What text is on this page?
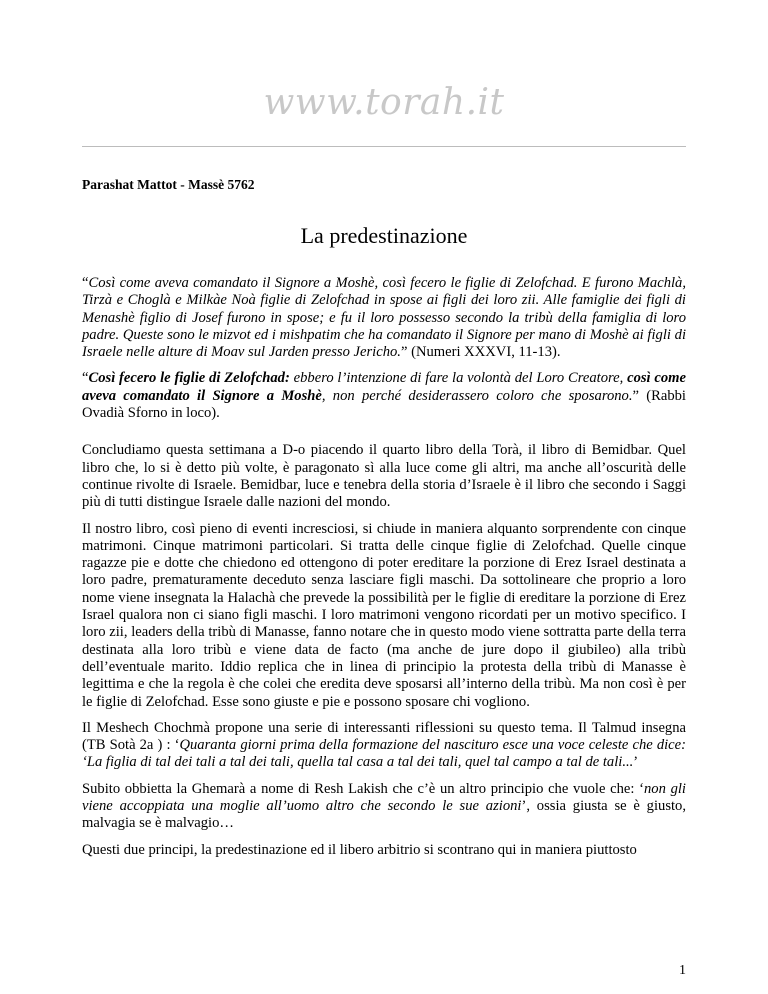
www.torah.it
Parashat Mattot - Massè 5762
La predestinazione

“Così come aveva comandato il Signore a Moshè, così fecero le figlie di Zelofchad. E furono Machlà, Tirzà e Choglà e Milkàe Noà figlie di Zelofchad in spose ai figli dei loro zii. Alle famiglie dei figli di Menashè figlio di Josef furono in spose; e fu il loro possesso secondo la tribù della famiglia di loro padre. Queste sono le mizvot ed i mishpatim che ha comandato il Signore per mano di Moshè ai figli di Israele nelle alture di Moav sul Jarden presso Jericho.” (Numeri XXXVI, 11-13).

“Così fecero le figlie di Zelofchad: ebbero l’intenzione di fare la volontà del Loro Creatore, così come aveva comandato il Signore a Moshè, non perché desiderassero coloro che sposarono.” (Rabbi Ovadià Sforno in loco).

Concludiamo questa settimana a D-o piacendo il quarto libro della Torà, il libro di Bemidbar. Quel libro che, lo si è detto più volte, è paragonato sì alla luce come gli altri, ma anche all’oscurità delle continue rivolte di Israele. Bemidbar, luce e tenebra della storia d’Israele è il libro che secondo i Saggi più di tutti distingue Israele dalle nazioni del mondo.

Il nostro libro, così pieno di eventi incresciosi, si chiude in maniera alquanto sorprendente con cinque matrimoni. Cinque matrimoni particolari. Si tratta delle cinque figlie di Zelofchad. Quelle cinque ragazze pie e dotte che chiedono ed ottengono di poter ereditare la porzione di Erez Israel destinata a loro padre, prematuramente deceduto senza lasciare figli maschi. Da sottolineare che proprio a loro nome viene insegnata la Halachà che prevede la possibilità per le figlie di ereditare la porzione di Erez Israel qualora non ci siano figli maschi. I loro matrimoni vengono ricordati per un motivo specifico. I loro zii, leaders della tribù di Manasse, fanno notare che in questo modo viene sottratta parte della terra destinata alla loro tribù e viene data de facto (ma anche de jure dopo il giubileo) alla tribù dell’eventuale marito. Iddio replica che in linea di principio la protesta della tribù di Manasse è legittima e che la regola è che colei che eredita deve sposarsi all’interno della tribù. Ma non così è per le figlie di Zelofchad. Esse sono giuste e pie e possono sposare chi vogliono.

Il Meshech Chochmà propone una serie di interessanti riflessioni su questo tema. Il Talmud insegna (TB Sotà 2a ) : ‘Quaranta giorni prima della formazione del nascituro esce una voce celeste che dice: ‘La figlia di tal dei tali a tal dei tali, quella tal casa a tal dei tali, quel tal campo a tal de tali...’

Subito obbietta la Ghemarà a nome di Resh Lakish che c’è un altro principio che vuole che: ‘non gli viene accoppiata una moglie all’uomo altro che secondo le sue azioni’, ossia giusta se è giusto, malvagia se è malvagio…

Questi due principi, la predestinazione ed il libero arbitrio si scontrano qui in maniera piuttosto

1
